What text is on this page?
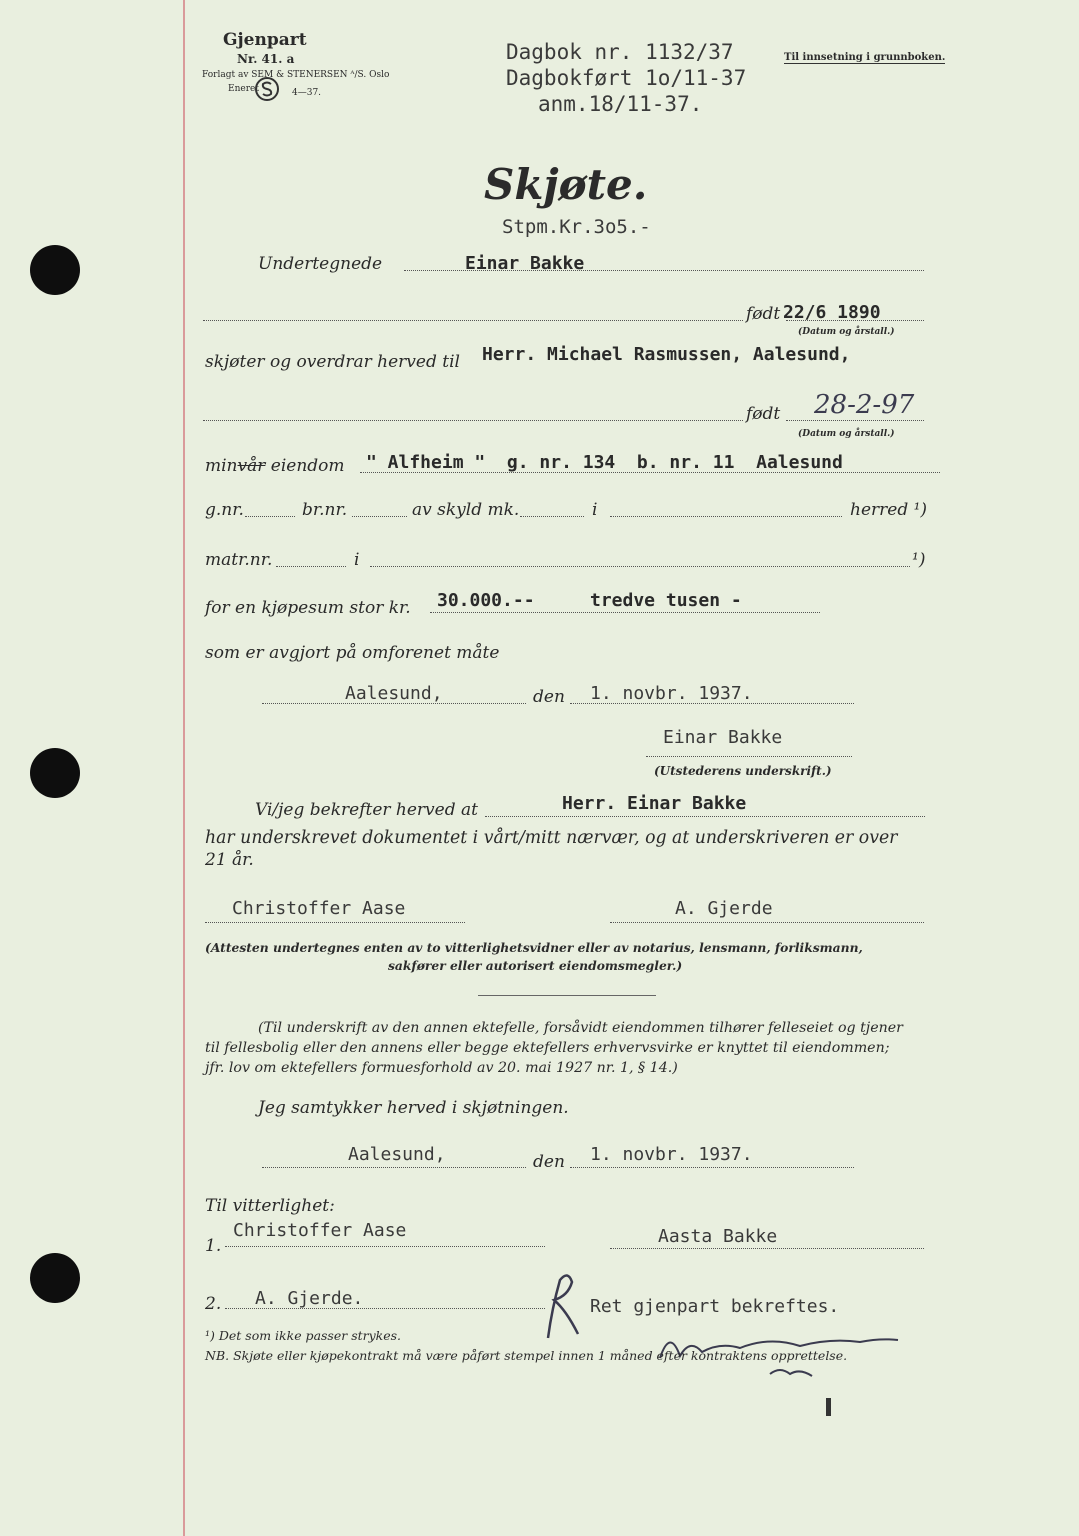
Gjenpart
Nr. 41. a
Forlagt av SEM & STENERSEN ᴬ/S. Oslo
Eneret	4—37.
Dagbok nr. 1132/37
Dagbokført 1o/11-37
anm.18/11-37.
Til innsetning i grunnboken.
Skjøte.
Stpm.Kr.3o5.-
Undertegnede	Einar Bakke
født 22/6 1890
(Datum og årstall.)
skjøter og overdrar herved til Herr. Michael Rasmussen, Aalesund,
født 28-2-97
(Datum og årstall.)
minvår eiendom " Alfheim "  g. nr. 134  b. nr. 11  Aalesund
g.nr.	br.nr.	av skyld mk.	i	herred ¹)
matr.nr.	i	¹)
for en kjøpesum stor kr. 30.000.--	tredve tusen -
som er avgjort på omforenet måte
Aalesund,	den 1. novbr. 1937.
Einar Bakke
(Utstederens underskrift.)
Vi/jeg bekrefter herved at	Herr. Einar Bakke
har underskrevet dokumentet i vårt/mitt nærvær, og at underskriveren er over
21 år.
Christoffer Aase	A. Gjerde
(Attesten undertegnes enten av to vitterlighetsvidner eller av notarius, lensmann, forliksmann,
sakfører eller autorisert eiendomsmegler.)
(Til underskrift av den annen ektefelle, forsåvidt eiendommen tilhører felleseiet og tjener
til fellesbolig eller den annens eller begge ektefellers erhvervsvirke er knyttet til eiendommen;
jfr. lov om ektefellers formuesforhold av 20. mai 1927 nr. 1, § 14.)
Jeg samtykker herved i skjøtningen.
Aalesund,	den 1. novbr. 1937.
Til vitterlighet:
1.
Christoffer Aase	Aasta Bakke
2. A. Gjerde.	Ret gjenpart bekreftes.
¹) Det som ikke passer strykes.
NB. Skjøte eller kjøpekontrakt må være påført stempel innen 1 måned efter kontraktens opprettelse.
